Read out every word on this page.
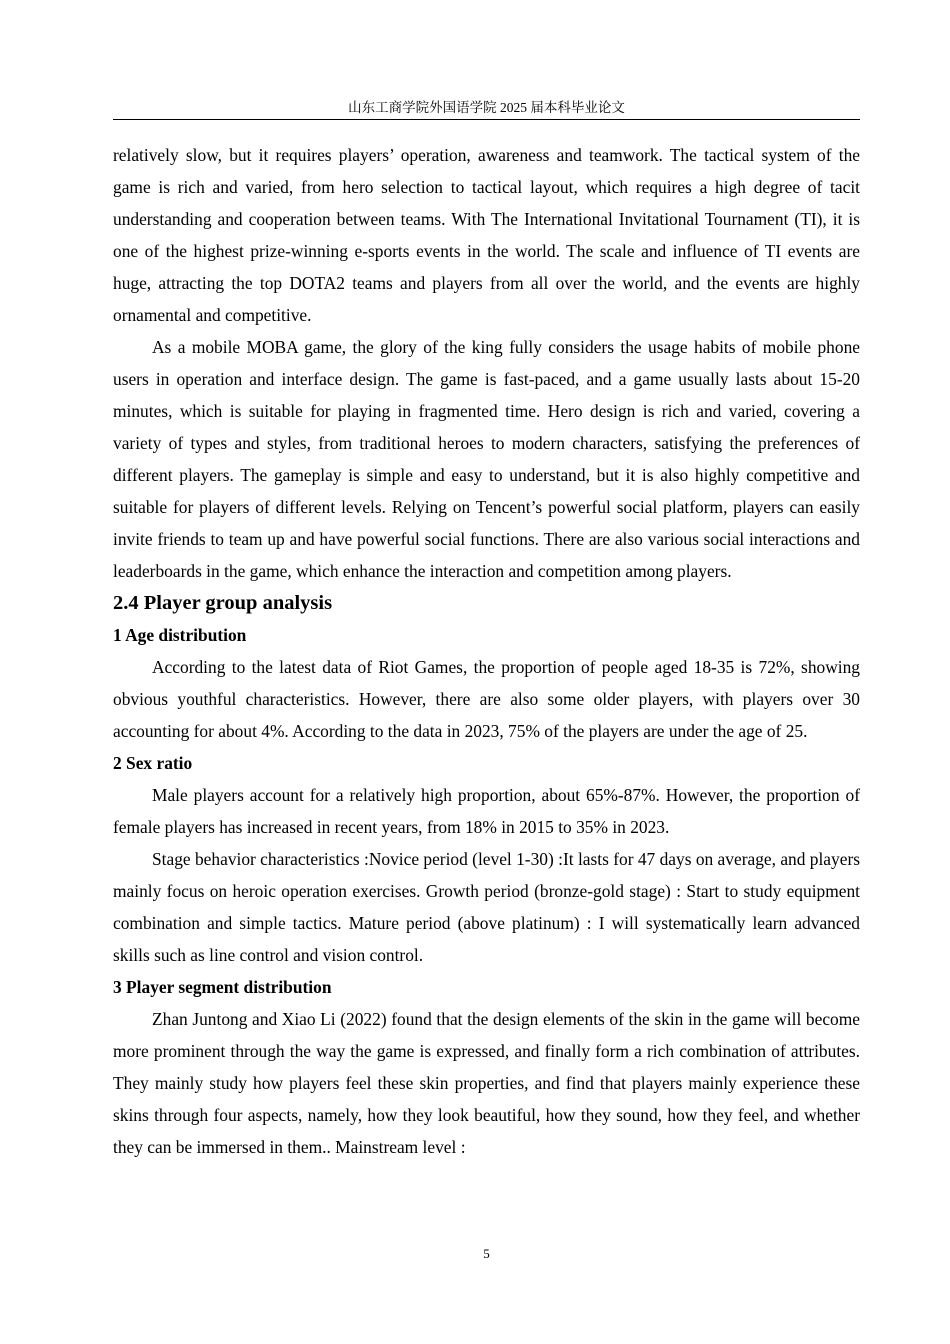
山东工商学院外国语学院 2025 届本科毕业论文

relatively slow, but it requires players’ operation, awareness and teamwork. The tactical system of the game is rich and varied, from hero selection to tactical layout, which requires a high degree of tacit understanding and cooperation between teams. With The International Invitational Tournament (TI), it is one of the highest prize-winning e-sports events in the world. The scale and influence of TI events are huge, attracting the top DOTA2 teams and players from all over the world, and the events are highly ornamental and competitive.

As a mobile MOBA game, the glory of the king fully considers the usage habits of mobile phone users in operation and interface design. The game is fast-paced, and a game usually lasts about 15-20 minutes, which is suitable for playing in fragmented time. Hero design is rich and varied, covering a variety of types and styles, from traditional heroes to modern characters, satisfying the preferences of different players. The gameplay is simple and easy to understand, but it is also highly competitive and suitable for players of different levels. Relying on Tencent’s powerful social platform, players can easily invite friends to team up and have powerful social functions. There are also various social interactions and leaderboards in the game, which enhance the interaction and competition among players.

2.4 Player group analysis
1 Age distribution

According to the latest data of Riot Games, the proportion of people aged 18-35 is 72%, showing obvious youthful characteristics. However, there are also some older players, with players over 30 accounting for about 4%. According to the data in 2023, 75% of the players are under the age of 25.

2 Sex ratio

Male players account for a relatively high proportion, about 65%-87%. However, the proportion of female players has increased in recent years, from 18% in 2015 to 35% in 2023.

Stage behavior characteristics :Novice period (level 1-30) :It lasts for 47 days on average, and players mainly focus on heroic operation exercises. Growth period (bronze-gold stage) : Start to study equipment combination and simple tactics. Mature period (above platinum) : I will systematically learn advanced skills such as line control and vision control.

3 Player segment distribution

Zhan Juntong and Xiao Li (2022) found that the design elements of the skin in the game will become more prominent through the way the game is expressed, and finally form a rich combination of attributes. They mainly study how players feel these skin properties, and find that players mainly experience these skins through four aspects, namely, how they look beautiful, how they sound, how they feel, and whether they can be immersed in them.. Mainstream level :

5
